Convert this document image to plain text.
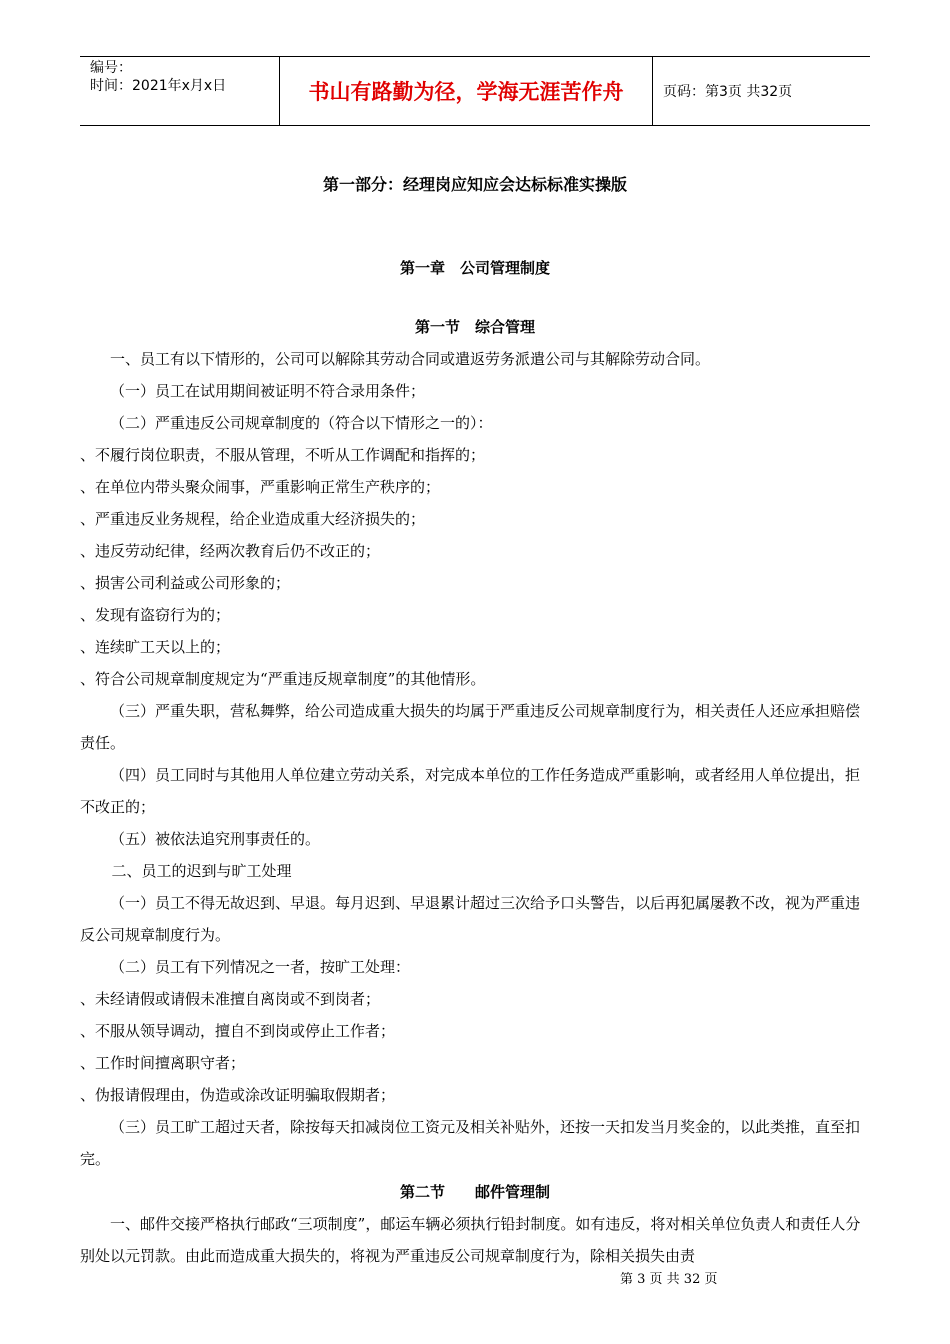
编号：
时间：2021年x月x日	书山有路勤为径，学海无涯苦作舟	页码：第3页 共32页
第一部分：经理岗应知应会达标标准实操版
第一章　公司管理制度
第一节　综合管理
一、员工有以下情形的，公司可以解除其劳动合同或遣返劳务派遣公司与其解除劳动合同。
（一）员工在试用期间被证明不符合录用条件；
（二）严重违反公司规章制度的（符合以下情形之一的）：
、不履行岗位职责，不服从管理，不听从工作调配和指挥的；
、在单位内带头聚众闹事，严重影响正常生产秩序的；
、严重违反业务规程，给企业造成重大经济损失的；
、违反劳动纪律，经两次教育后仍不改正的；
、损害公司利益或公司形象的；
、发现有盗窃行为的；
、连续旷工天以上的；
、符合公司规章制度规定为“严重违反规章制度”的其他情形。
（三）严重失职，营私舞弊，给公司造成重大损失的均属于严重违反公司规章制度行为，相关责任人还应承担赔偿责任。
（四）员工同时与其他用人单位建立劳动关系，对完成本单位的工作任务造成严重影响，或者经用人单位提出，拒不改正的；
（五）被依法追究刑事责任的。
二、员工的迟到与旷工处理
（一）员工不得无故迟到、早退。每月迟到、早退累计超过三次给予口头警告，以后再犯属屡教不改，视为严重违反公司规章制度行为。
（二）员工有下列情况之一者，按旷工处理：
、未经请假或请假未准擅自离岗或不到岗者；
、不服从领导调动，擅自不到岗或停止工作者；
、工作时间擅离职守者；
、伪报请假理由，伪造或涂改证明骗取假期者；
（三）员工旷工超过天者，除按每天扣减岗位工资元及相关补贴外，还按一天扣发当月奖金的，以此类推，直至扣完。
第二节　　邮件管理制
一、邮件交接严格执行邮政“三项制度”，邮运车辆必须执行铅封制度。如有违反，将对相关单位负责人和责任人分别处以元罚款。由此而造成重大损失的，将视为严重违反公司规章制度行为，除相关损失由责
第 3 页 共 32 页
